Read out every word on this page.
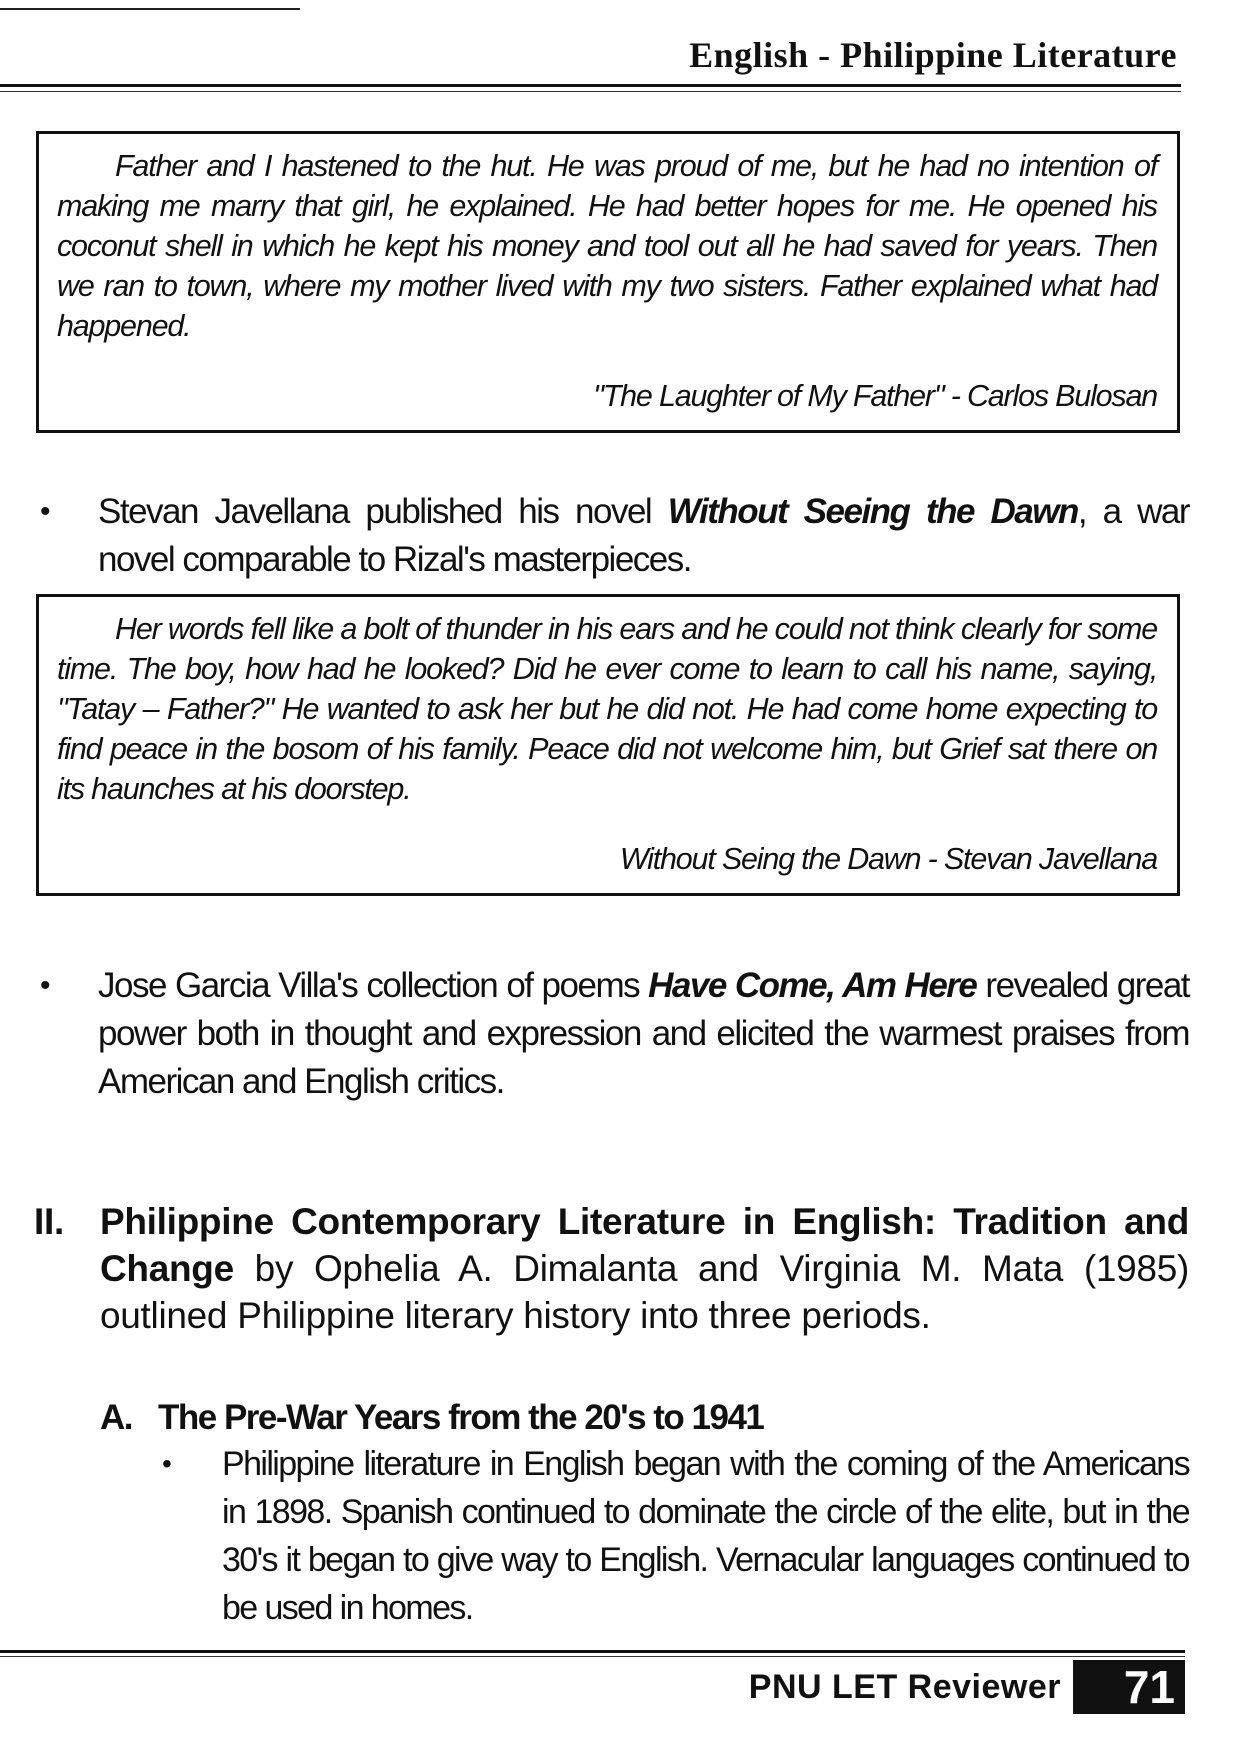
English - Philippine Literature

Father and I hastened to the hut. He was proud of me, but he had no intention of making me marry that girl, he explained. He had better hopes for me. He opened his coconut shell in which he kept his money and tool out all he had saved for years. Then we ran to town, where my mother lived with my two sisters. Father explained what had happened.

"The Laughter of My Father" - Carlos Bulosan
• Stevan Javellana published his novel Without Seeing the Dawn, a war novel comparable to Rizal's masterpieces.

Her words fell like a bolt of thunder in his ears and he could not think clearly for some time. The boy, how had he looked? Did he ever come to learn to call his name, saying, "Tatay – Father?" He wanted to ask her but he did not. He had come home expecting to find peace in the bosom of his family. Peace did not welcome him, but Grief sat there on its haunches at his doorstep.

Without Seing the Dawn - Stevan Javellana
• Jose Garcia Villa's collection of poems Have Come, Am Here revealed great power both in thought and expression and elicited the warmest praises from American and English critics.
II. Philippine Contemporary Literature in English: Tradition and Change by Ophelia A. Dimalanta and Virginia M. Mata (1985) outlined Philippine literary history into three periods.
A. The Pre-War Years from the 20's to 1941
• Philippine literature in English began with the coming of the Americans in 1898. Spanish continued to dominate the circle of the elite, but in the 30's it began to give way to English. Vernacular languages continued to be used in homes.
PNU LET Reviewer	71
